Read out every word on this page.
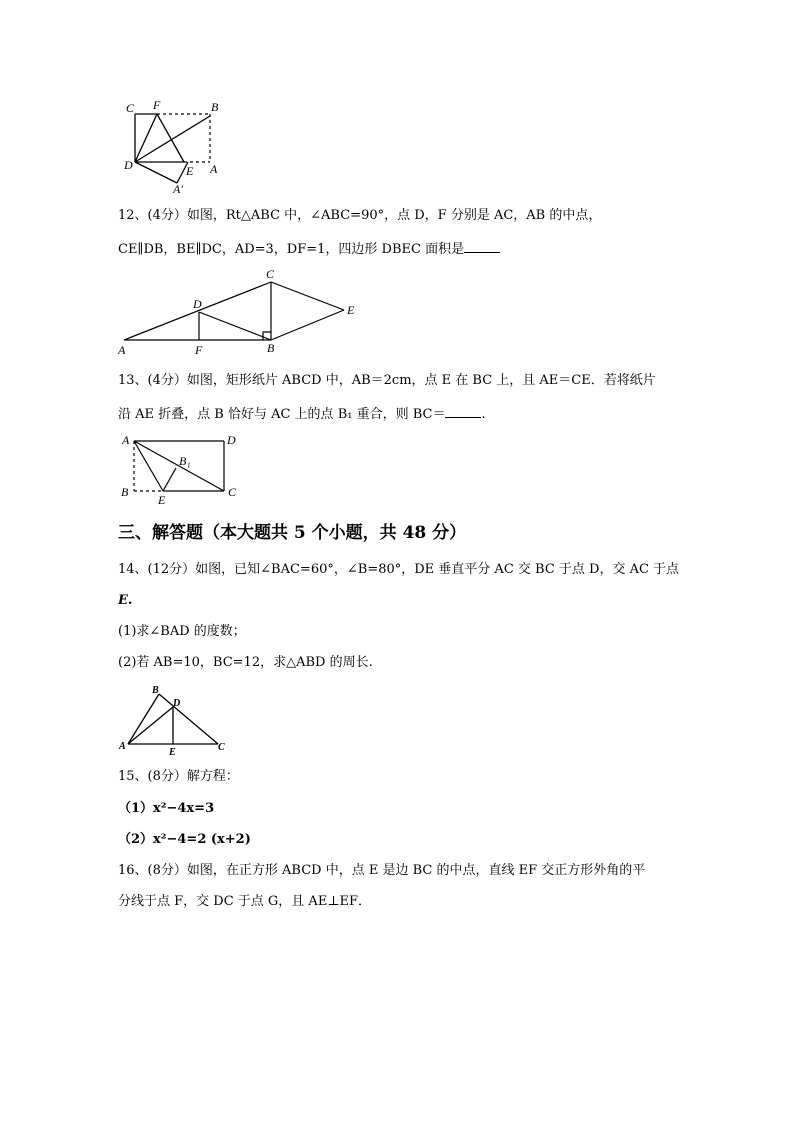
C F	B
D	E A
A′
12、(4分）如图，Rt△ABC 中，∠ABC=90°，点 D，F 分别是 AC，AB 的中点，
CE∥DB，BE∥DC，AD=3，DF=1，四边形 DBEC 面积是
A	F	B
C
D	E
13、(4分）如图，矩形纸片 ABCD 中，AB＝2cm，点 E 在 BC 上，且 AE＝CE．若将纸片
沿 AE 折叠，点 B 恰好与 AC 上的点 B₁ 重合，则 BC＝	.
A	D
B₁
B
E
C
三、解答题（本大题共 5 个小题，共 48 分）
14、(12分）如图，已知∠BAC=60°，∠B=80°，DE 垂直平分 AC 交 BC 于点 D，交 AC 于点
E.
(1)求∠BAD 的度数；
(2)若 AB=10，BC=12，求△ABD 的周长.
B
D
A
E	C
15、(8分）解方程：
（1）x²−4x=3
（2）x²−4=2 (x+2)
16、(8分）如图，在正方形 ABCD 中，点 E 是边 BC 的中点，直线 EF 交正方形外角的平
分线于点 F，交 DC 于点 G，且 AE⊥EF．
